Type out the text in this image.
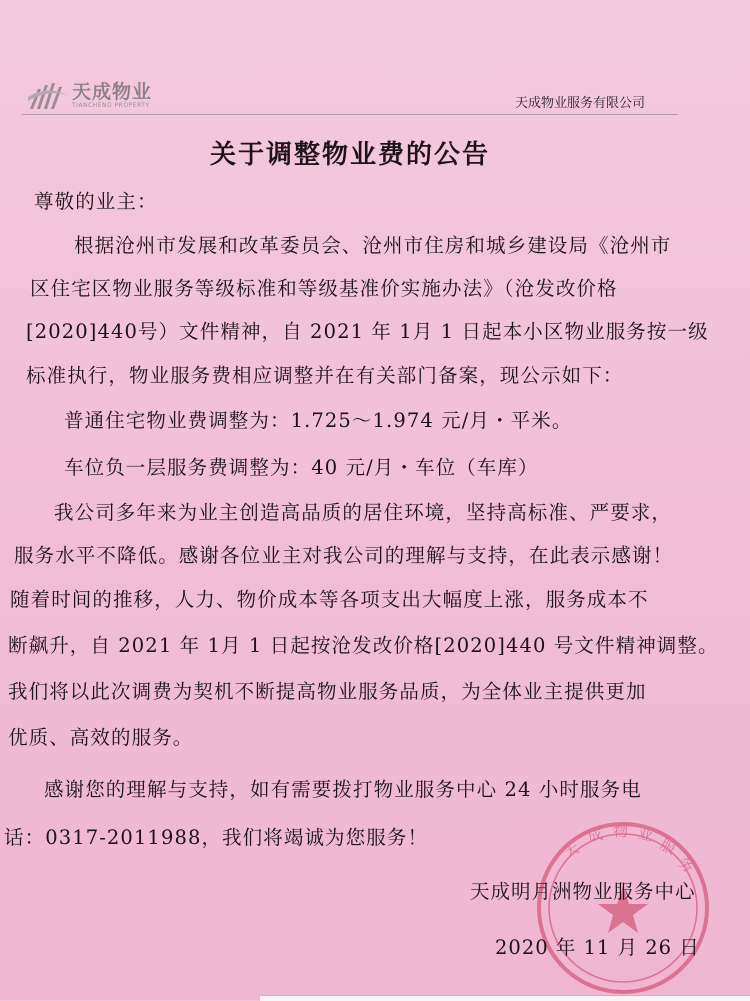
天成物业
TIANCHENG PROPERTY	天成物业服务有限公司
关于调整物业费的公告
尊敬的业主：
根据沧州市发展和改革委员会、沧州市住房和城乡建设局《沧州市
区住宅区物业服务等级标准和等级基准价实施办法》（沧发改价格
[2020]440号）文件精神，自 2021 年 1月 1 日起本小区物业服务按一级
标准执行，物业服务费相应调整并在有关部门备案，现公示如下：
普通住宅物业费调整为：1.725～1.974 元/月・平米。
车位负一层服务费调整为：40 元/月・车位（车库）
我公司多年来为业主创造高品质的居住环境，坚持高标准、严要求，
服务水平不降低。感谢各位业主对我公司的理解与支持，在此表示感谢！
随着时间的推移，人力、物价成本等各项支出大幅度上涨，服务成本不
断飙升，自 2021 年 1月 1 日起按沧发改价格[2020]440 号文件精神调整。
我们将以此次调费为契机不断提高物业服务品质，为全体业主提供更加
优质、高效的服务。
感谢您的理解与支持，如有需要拨打物业服务中心 24 小时服务电
话：0317-2011988，我们将竭诚为您服务！
天
成 物 业
服
务
天成明月洲物业服务中心
2020 年 11 月 26 日
